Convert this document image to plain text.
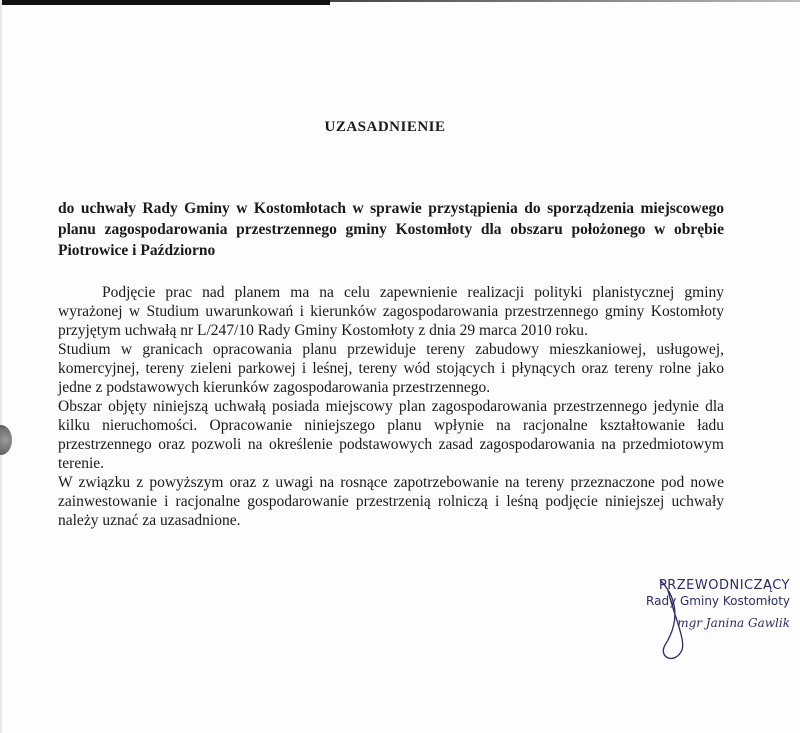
UZASADNIENIE
do uchwały Rady Gminy w Kostomłotach w sprawie przystąpienia do sporządzenia miejscowego planu zagospodarowania przestrzennego gminy Kostomłoty dla obszaru położonego w obrębie Piotrowice i Paździorno

Podjęcie prac nad planem ma na celu zapewnienie realizacji polityki planistycznej gminy wyrażonej w Studium uwarunkowań i kierunków zagospodarowania przestrzennego gminy Kostomłoty przyjętym uchwałą nr L/247/10 Rady Gminy Kostomłoty z dnia 29 marca 2010 roku.

Studium w granicach opracowania planu przewiduje tereny zabudowy mieszkaniowej, usługowej, komercyjnej, tereny zieleni parkowej i leśnej, tereny wód stojących i płynących oraz tereny rolne jako jedne z podstawowych kierunków zagospodarowania przestrzennego.

Obszar objęty niniejszą uchwałą posiada miejscowy plan zagospodarowania przestrzennego jedynie dla kilku nieruchomości. Opracowanie niniejszego planu wpłynie na racjonalne kształtowanie ładu przestrzennego oraz pozwoli na określenie podstawowych zasad zagospodarowania na przedmiotowym terenie.

W związku z powyższym oraz z uwagi na rosnące zapotrzebowanie na tereny przeznaczone pod nowe zainwestowanie i racjonalne gospodarowanie przestrzenią rolniczą i leśną podjęcie niniejszej uchwały należy uznać za uzasadnione.

PRZEWODNICZĄCY
Rady Gminy Kostomłoty
mgr Janina Gawlik
